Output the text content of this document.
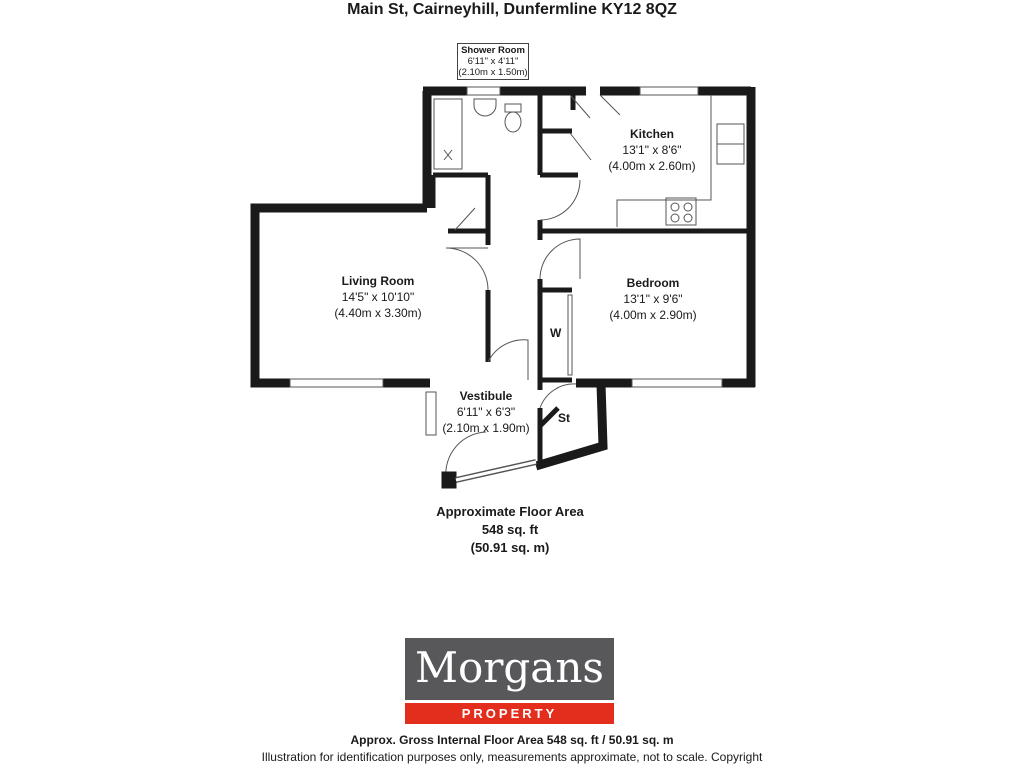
Main St, Cairneyhill, Dunfermline KY12 8QZ
Shower Room
6'11" x 4'11"
(2.10m x 1.50m)
Kitchen
13'1" x 8'6"
(4.00m x 2.60m)
Living Room
14'5" x 10'10"
(4.40m x 3.30m)
Bedroom
13'1" x 9'6"
(4.00m x 2.90m)
Vestibule
6'11" x 6'3"
(2.10m x 1.90m)
W
St
Approximate Floor Area
548 sq. ft
(50.91 sq. m)
Morgans
PROPERTY
Approx. Gross Internal Floor Area 548 sq. ft / 50.91 sq. m
Illustration for identification purposes only, measurements approximate, not to scale. Copyright
